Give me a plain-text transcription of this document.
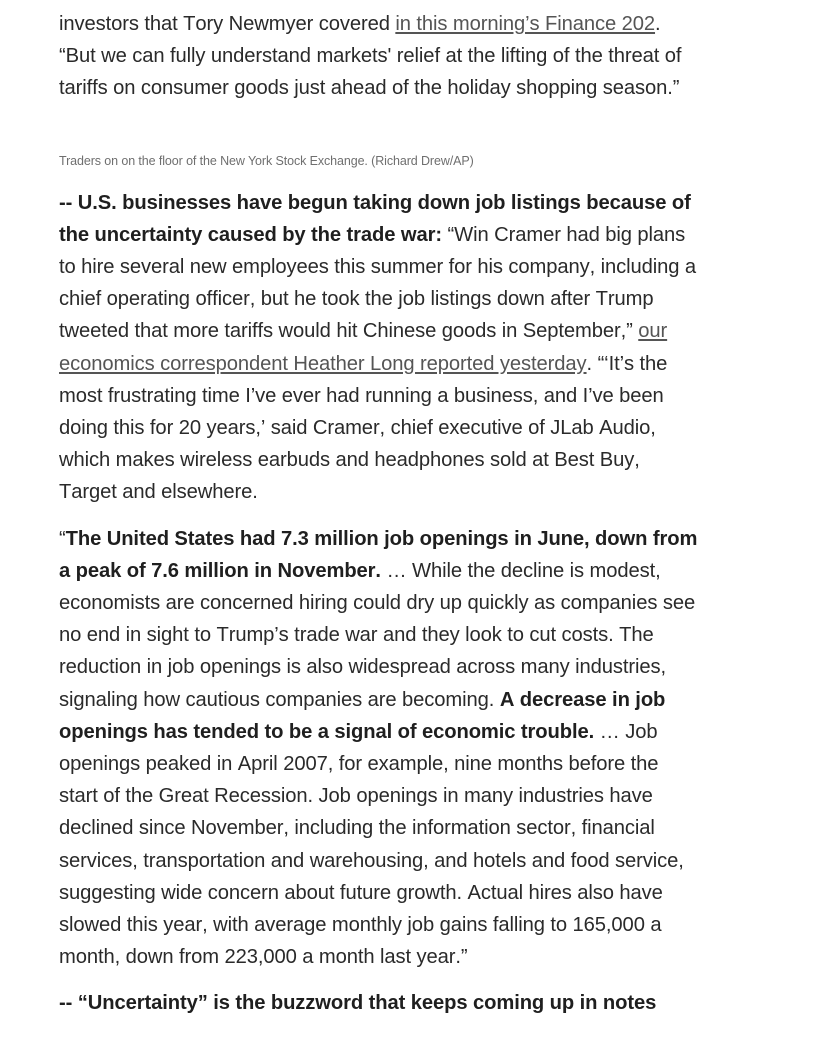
investors that Tory Newmyer covered in this morning’s Finance 202.
“But we can fully understand markets' relief at the lifting of the threat of
tariffs on consumer goods just ahead of the holiday shopping season.”

Traders on on the floor of the New York Stock Exchange. (Richard Drew/AP)

-- U.S. businesses have begun taking down job listings because of
the uncertainty caused by the trade war: “Win Cramer had big plans
to hire several new employees this summer for his company, including a
chief operating officer, but he took the job listings down after Trump
tweeted that more tariffs would hit Chinese goods in September,” our
economics correspondent Heather Long reported yesterday. “‘It’s the
most frustrating time I’ve ever had running a business, and I’ve been
doing this for 20 years,’ said Cramer, chief executive of JLab Audio,
which makes wireless earbuds and headphones sold at Best Buy,
Target and elsewhere.

“The United States had 7.3 million job openings in June, down from
a peak of 7.6 million in November. … While the decline is modest,
economists are concerned hiring could dry up quickly as companies see
no end in sight to Trump’s trade war and they look to cut costs. The
reduction in job openings is also widespread across many industries,
signaling how cautious companies are becoming. A decrease in job
openings has tended to be a signal of economic trouble. … Job
openings peaked in April 2007, for example, nine months before the
start of the Great Recession. Job openings in many industries have
declined since November, including the information sector, financial
services, transportation and warehousing, and hotels and food service,
suggesting wide concern about future growth. Actual hires also have
slowed this year, with average monthly job gains falling to 165,000 a
month, down from 223,000 a month last year.”

-- “Uncertainty” is the buzzword that keeps coming up in notes
